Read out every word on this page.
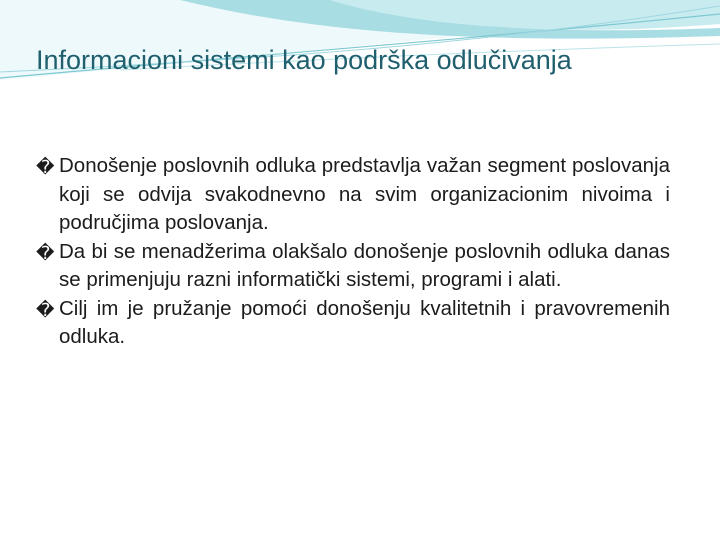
Informacioni sistemi kao podrška odlučivanja
� Donošenje poslovnih odluka predstavlja važan segment poslovanja koji se odvija svakodnevno na svim organizacionim nivoima i područjima poslovanja.
� Da bi se menadžerima olakšalo donošenje poslovnih odluka danas se primenjuju razni informatički sistemi, programi i alati.
� Cilj im je pružanje pomoći donošenju kvalitetnih i pravovremenih odluka.
